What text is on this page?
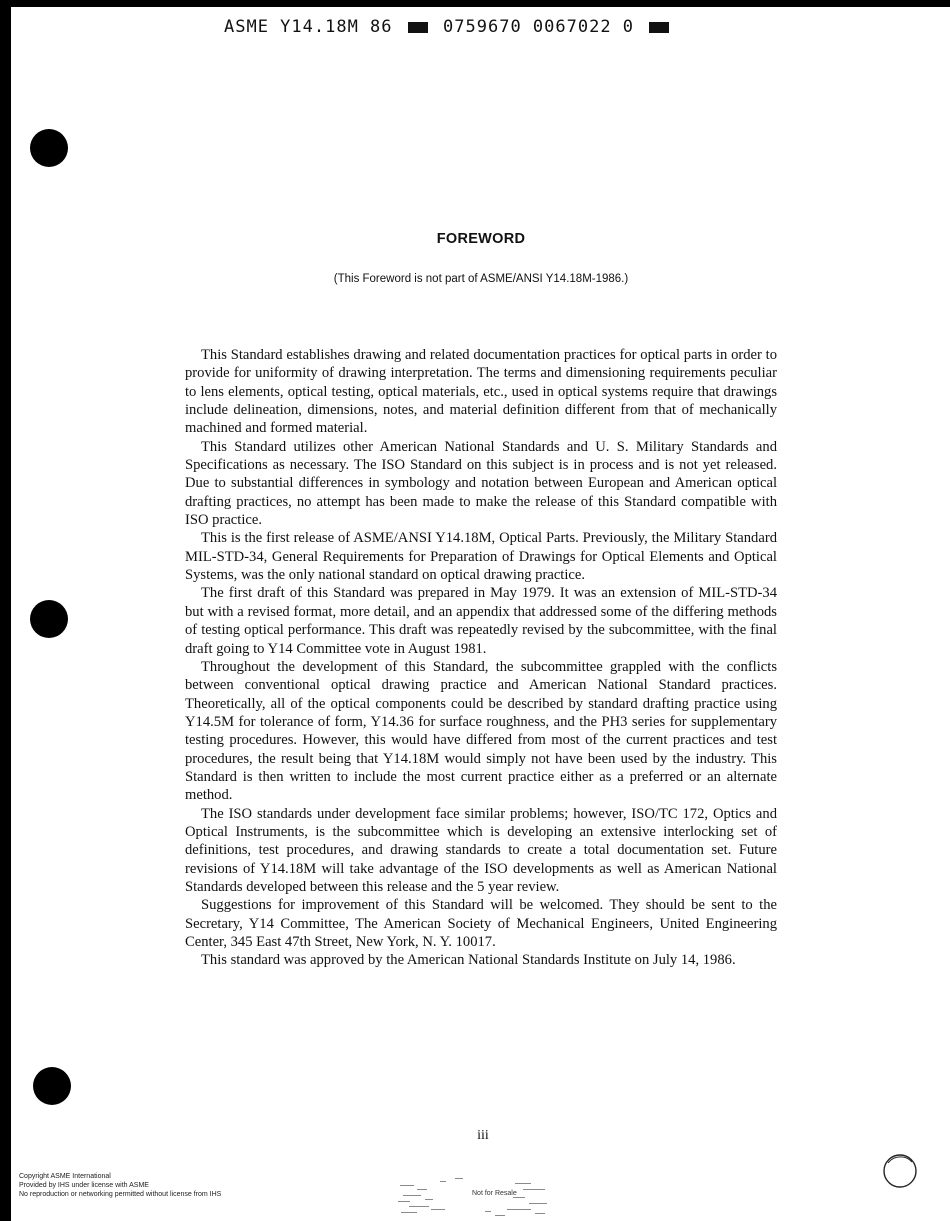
ASME Y14.18M 86	0759670 0067022 0
FOREWORD
(This Foreword is not part of ASME/ANSI Y14.18M-1986.)

This Standard establishes drawing and related documentation practices for optical parts in order to provide for uniformity of drawing interpretation. The terms and dimensioning requirements peculiar to lens elements, optical testing, optical materials, etc., used in optical systems require that drawings include delineation, dimensions, notes, and material definition different from that of mechanically machined and formed material.

This Standard utilizes other American National Standards and U. S. Military Standards and Specifications as necessary. The ISO Standard on this subject is in process and is not yet released. Due to substantial differences in symbology and notation between European and American optical drafting practices, no attempt has been made to make the release of this Standard compatible with ISO practice.

This is the first release of ASME/ANSI Y14.18M, Optical Parts. Previously, the Military Standard MIL-STD-34, General Requirements for Preparation of Drawings for Optical Elements and Optical Systems, was the only national standard on optical drawing practice.

The first draft of this Standard was prepared in May 1979. It was an extension of MIL-STD-34 but with a revised format, more detail, and an appendix that addressed some of the differing methods of testing optical performance. This draft was repeatedly revised by the subcommittee, with the final draft going to Y14 Committee vote in August 1981.

Throughout the development of this Standard, the subcommittee grappled with the conflicts between conventional optical drawing practice and American National Standard practices. Theoretically, all of the optical components could be described by standard drafting practice using Y14.5M for tolerance of form, Y14.36 for surface roughness, and the PH3 series for supplementary testing procedures. However, this would have differed from most of the current practices and test procedures, the result being that Y14.18M would simply not have been used by the industry. This Standard is then written to include the most current practice either as a preferred or an alternate method.

The ISO standards under development face similar problems; however, ISO/TC 172, Optics and Optical Instruments, is the subcommittee which is developing an extensive interlocking set of definitions, test procedures, and drawing standards to create a total documentation set. Future revisions of Y14.18M will take advantage of the ISO developments as well as American National Standards developed between this release and the 5 year review.

Suggestions for improvement of this Standard will be welcomed. They should be sent to the Secretary, Y14 Committee, The American Society of Mechanical Engineers, United Engineering Center, 345 East 47th Street, New York, N. Y. 10017.

This standard was approved by the American National Standards Institute on July 14, 1986.

iii
Copyright ASME International
Provided by IHS under license with ASME
No reproduction or networking permitted without license from IHS	Not for Resale
